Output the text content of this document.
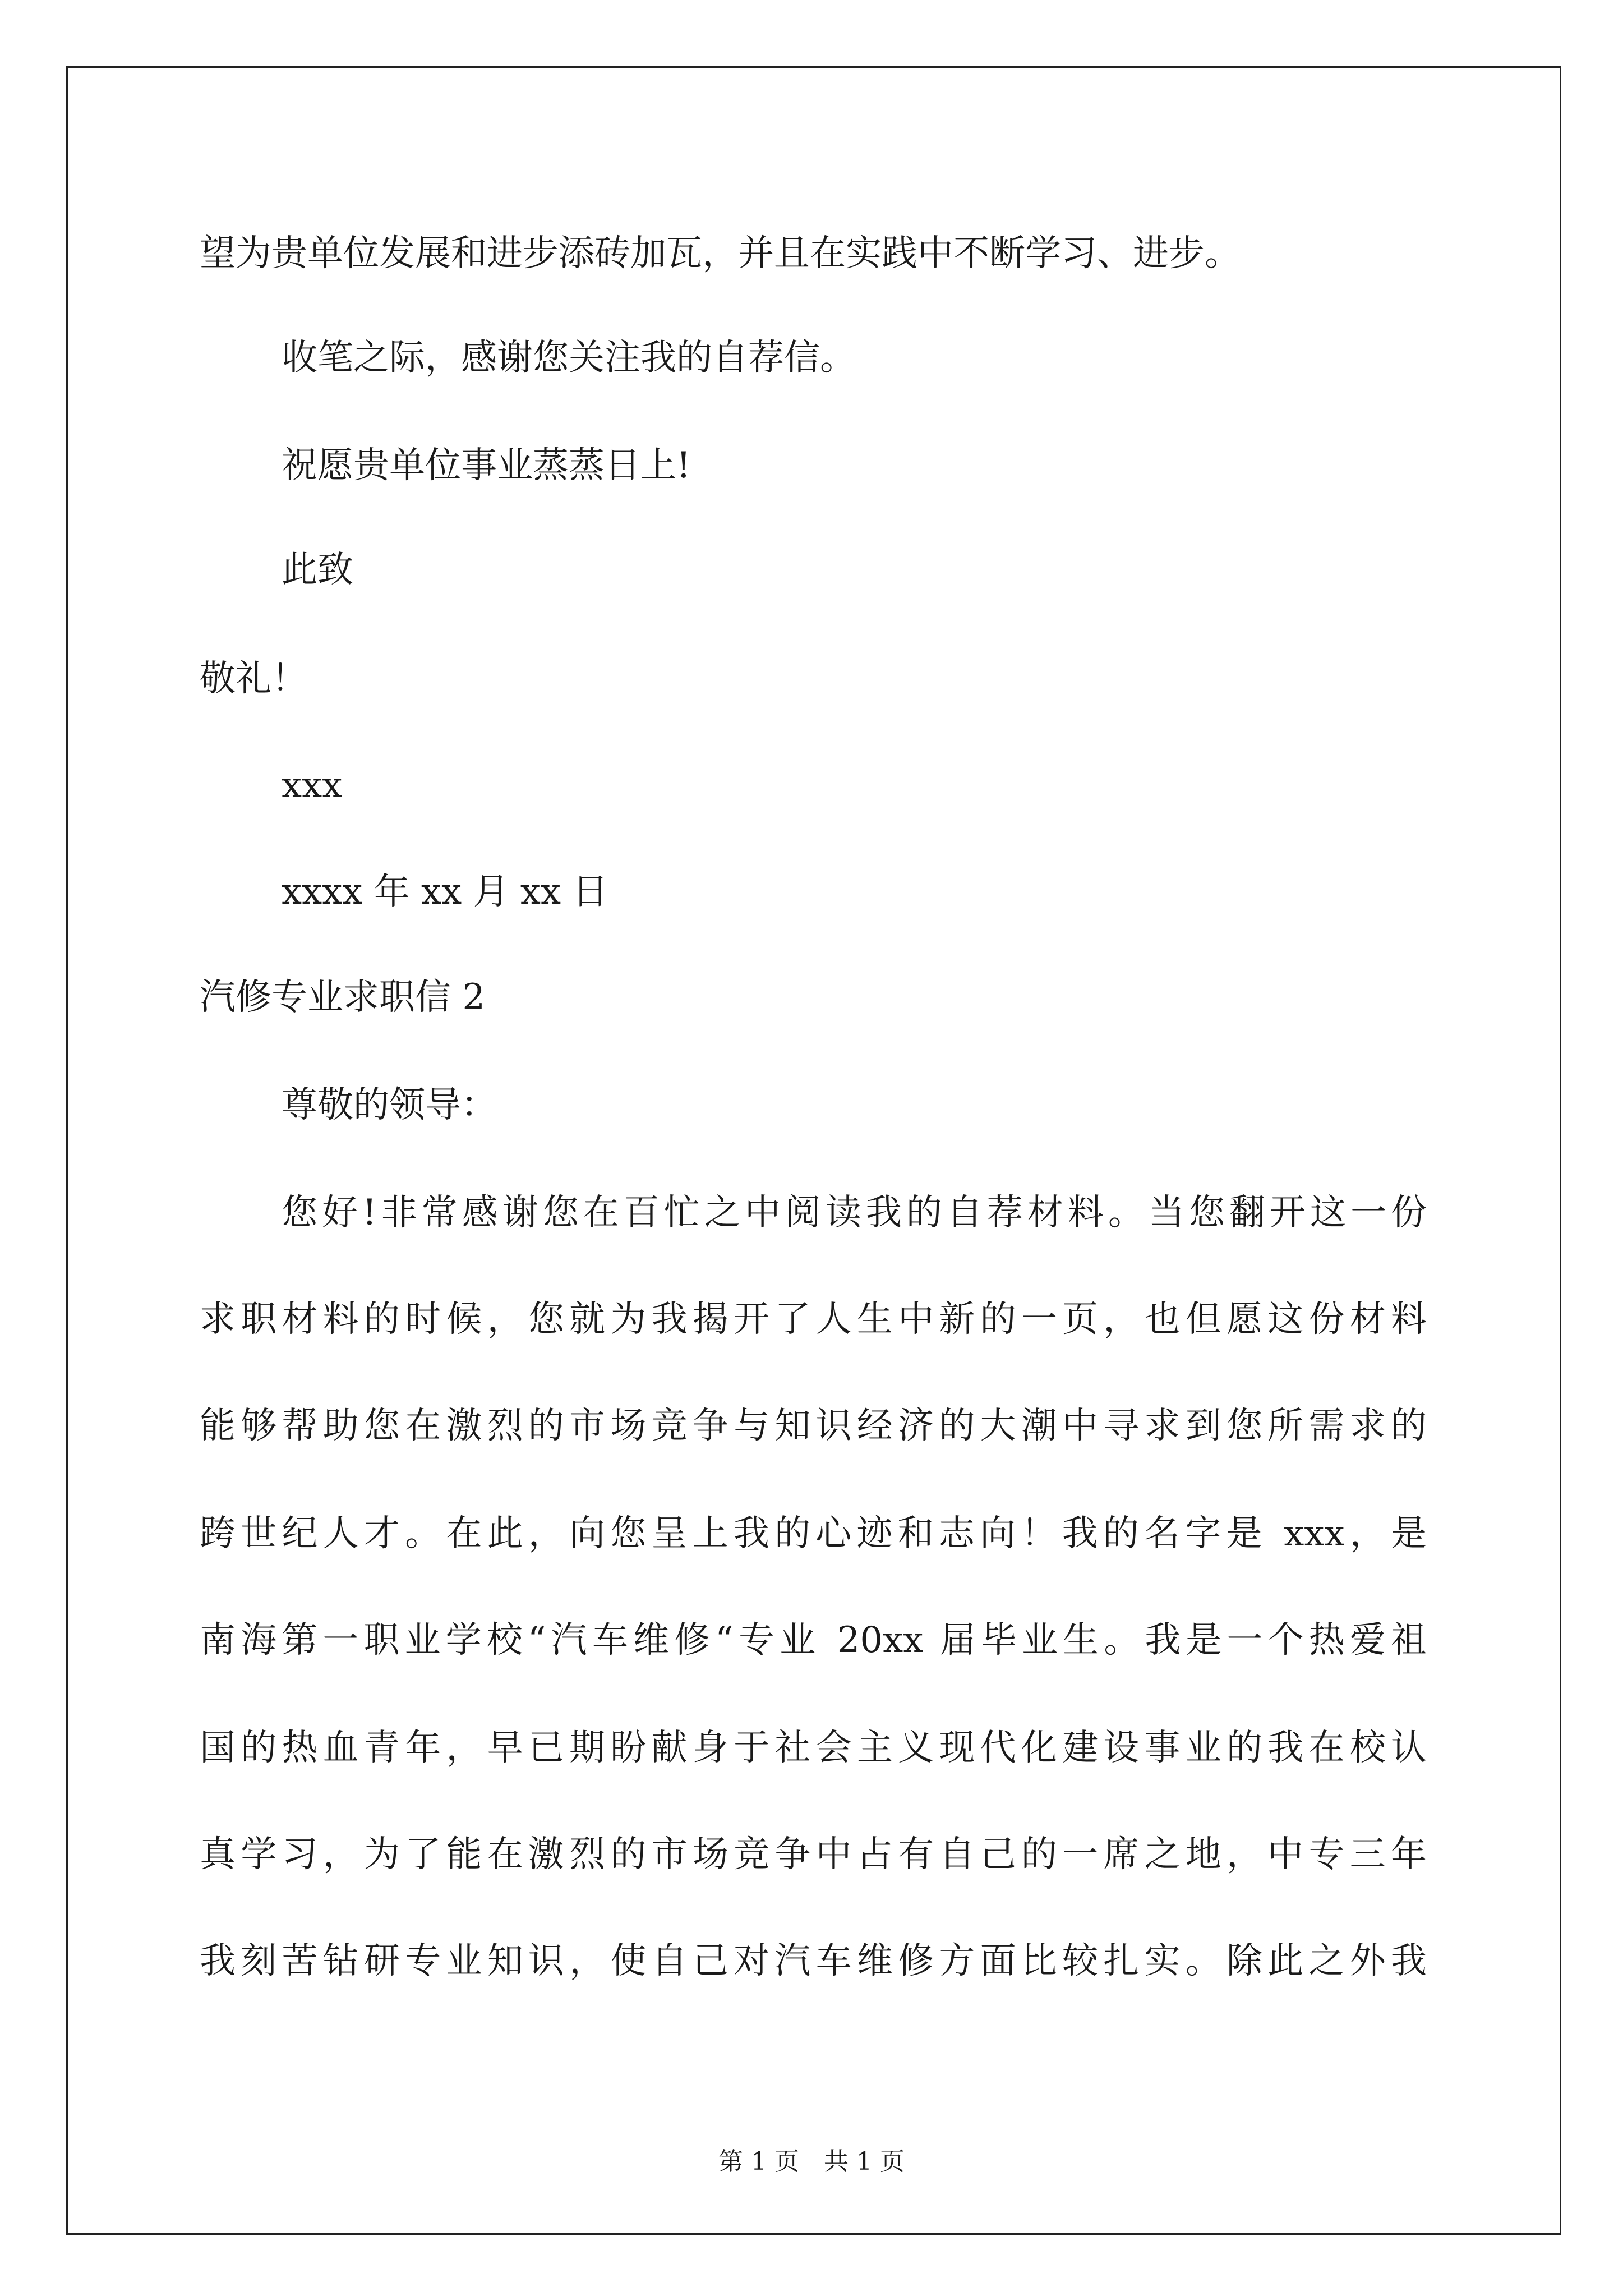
望为贵单位发展和进步添砖加瓦，并且在实践中不断学习、进步。
收笔之际，感谢您关注我的自荐信。
祝愿贵单位事业蒸蒸日上!
此致
敬礼！
xxx
xxxx 年 xx 月 xx 日
汽修专业求职信 2
尊敬的领导：
您好!非常感谢您在百忙之中阅读我的自荐材料。当您翻开这一份
求职材料的时候，您就为我揭开了人生中新的一页，也但愿这份材料
能够帮助您在激烈的市场竞争与知识经济的大潮中寻求到您所需求的
跨世纪人才。在此，向您呈上我的心迹和志向！我的名字是 xxx，是
南海第一职业学校“汽车维修“专业 20xx 届毕业生。我是一个热爱祖
国的热血青年，早已期盼献身于社会主义现代化建设事业的我在校认
真学习，为了能在激烈的市场竞争中占有自己的一席之地，中专三年
我刻苦钻研专业知识，使自己对汽车维修方面比较扎实。除此之外我
第 1 页　共 1 页
